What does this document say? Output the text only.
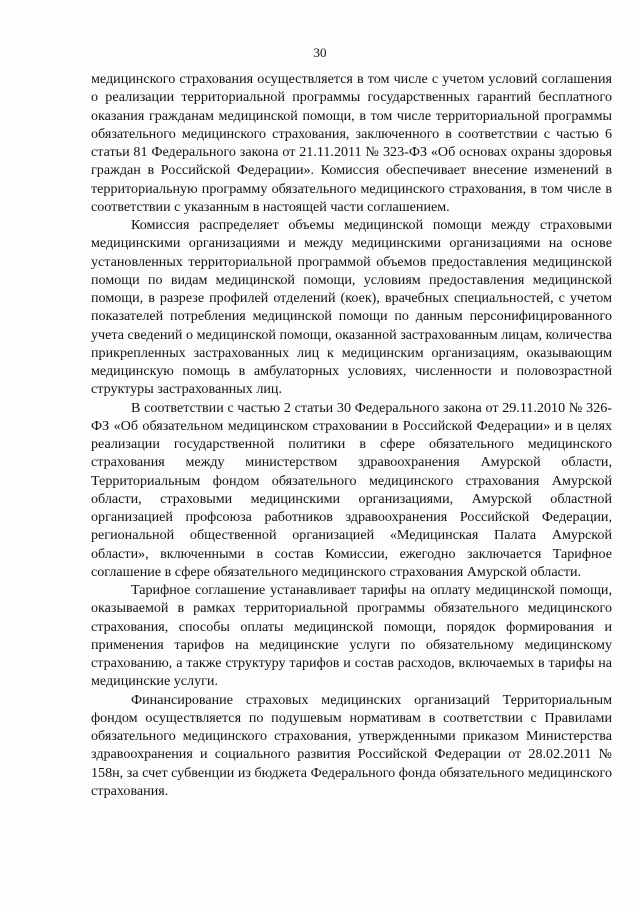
30

медицинского страхования осуществляется в том числе с учетом условий соглашения о реализации территориальной программы государственных гарантий бесплатного оказания гражданам медицинской помощи, в том числе территориальной программы обязательного медицинского страхования, заключенного в соответствии с частью 6 статьи 81 Федерального закона от 21.11.2011 № 323-ФЗ «Об основах охраны здоровья граждан в Российской Федерации». Комиссия обеспечивает внесение изменений в территориальную программу обязательного медицинского страхования, в том числе в соответствии с указанным в настоящей части соглашением.

Комиссия распределяет объемы медицинской помощи между страховыми медицинскими организациями и между медицинскими организациями на основе установленных территориальной программой объемов предоставления медицинской помощи по видам медицинской помощи, условиям предоставления медицинской помощи, в разрезе профилей отделений (коек), врачебных специальностей, с учетом показателей потребления медицинской помощи по данным персонифицированного учета сведений о медицинской помощи, оказанной застрахованным лицам, количества прикрепленных застрахованных лиц к медицинским организациям, оказывающим медицинскую помощь в амбулаторных условиях, численности и половозрастной структуры застрахованных лиц.

В соответствии с частью 2 статьи 30 Федерального закона от 29.11.2010 № 326-ФЗ «Об обязательном медицинском страховании в Российской Федерации» и в целях реализации государственной политики в сфере обязательного медицинского страхования между министерством здравоохранения Амурской области, Территориальным фондом обязательного медицинского страхования Амурской области, страховыми медицинскими организациями, Амурской областной организацией профсоюза работников здравоохранения Российской Федерации, региональной общественной организацией «Медицинская Палата Амурской области», включенными в состав Комиссии, ежегодно заключается Тарифное соглашение в сфере обязательного медицинского страхования Амурской области.

Тарифное соглашение устанавливает тарифы на оплату медицинской помощи, оказываемой в рамках территориальной программы обязательного медицинского страхования, способы оплаты медицинской помощи, порядок формирования и применения тарифов на медицинские услуги по обязательному медицинскому страхованию, а также структуру тарифов и состав расходов, включаемых в тарифы на медицинские услуги.

Финансирование страховых медицинских организаций Территориальным фондом осуществляется по подушевым нормативам в соответствии с Правилами обязательного медицинского страхования, утвержденными приказом Министерства здравоохранения и социального развития Российской Федерации от 28.02.2011 № 158н, за счет субвенции из бюджета Федерального фонда обязательного медицинского страхования.
